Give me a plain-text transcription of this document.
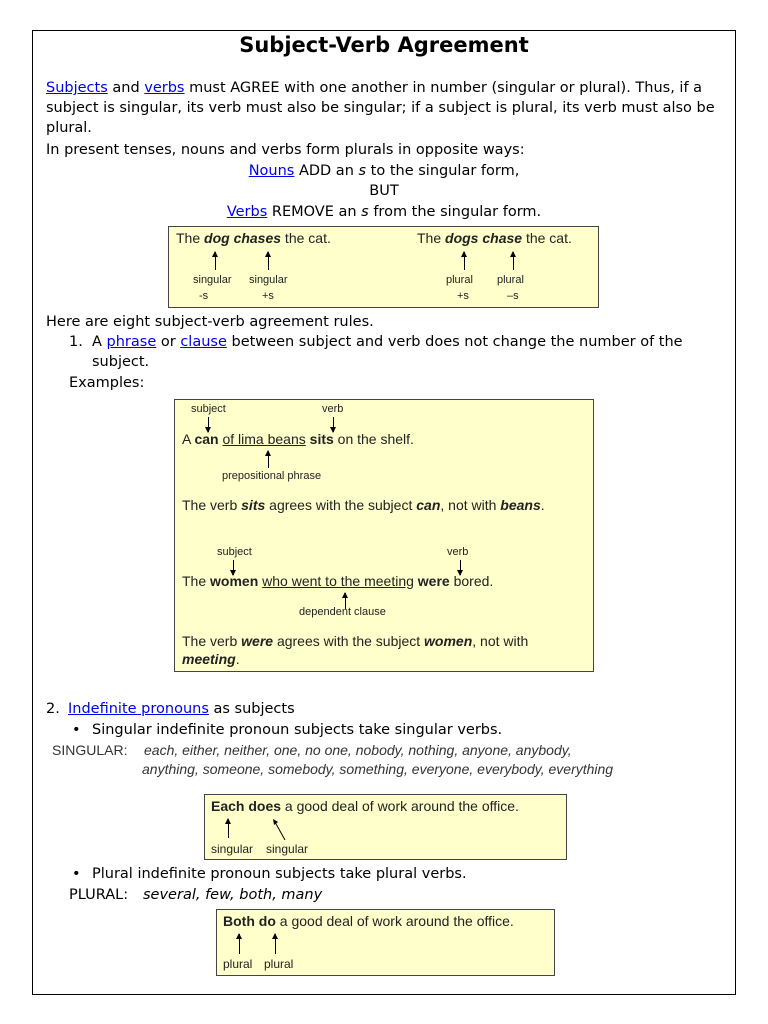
Subject-Verb Agreement
Subjects and verbs must AGREE with one another in number (singular or plural). Thus, if a
subject is singular, its verb must also be singular; if a subject is plural, its verb must also be
plural.
In present tenses, nouns and verbs form plurals in opposite ways:
Nouns ADD an s to the singular form,
BUT
Verbs REMOVE an s from the singular form.
The dog chases the cat.	The dogs chase the cat.
singular
-s
singular
+s
plural
+s
plural
–s
Here are eight subject-verb agreement rules.
1. A phrase or clause between subject and verb does not change the number of the
subject.
Examples:
subject	verb
A can of lima beans sits on the shelf.
prepositional phrase
The verb sits agrees with the subject can, not with beans.
subject	verb
The women who went to the meeting were bored.
dependent clause
The verb were agrees with the subject women, not with
meeting.
2. Indefinite pronouns as subjects
• Singular indefinite pronoun subjects take singular verbs.
SINGULAR: each, either, neither, one, no one, nobody, nothing, anyone, anybody,
anything, someone, somebody, something, everyone, everybody, everything
Each does a good deal of work around the office.
singular singular
• Plural indefinite pronoun subjects take plural verbs.
PLURAL: several, few, both, many
Both do a good deal of work around the office.
plural plural
